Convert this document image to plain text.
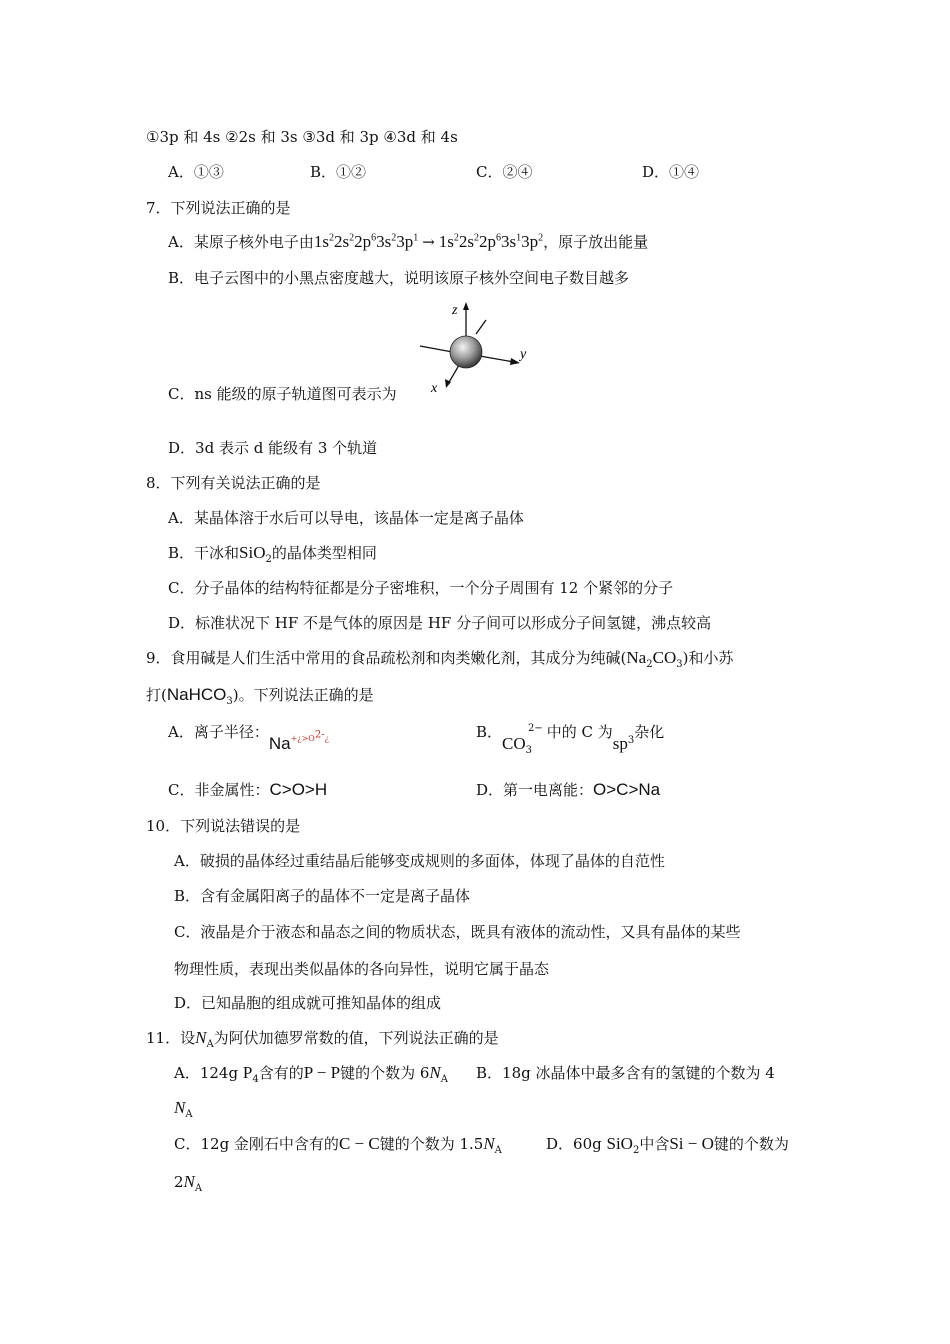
①3p 和 4s ②2s 和 3s ③3d 和 3p ④3d 和 4s
A．①③	B．①②	C．②④	D．①④
7．下列说法正确的是
A．某原子核外电子由$1s^22s^22p^63s^23p^1 \to 1s^22s^22p^63s^13p^2$，原子放出能量
B．电子云图中的小黑点密度越大，说明该原子核外空间电子数目越多
z
y
x
C．ns 能级的原子轨道图可表示为
D．3d 表示 d 能级有 3 个轨道
8．下列有关说法正确的是
A．某晶体溶于水后可以导电，该晶体一定是离子晶体
B．干冰和SiO$_2$的晶体类型相同
C．分子晶体的结构特征都是分子密堆积，一个分子周围有 12 个紧邻的分子
D．标准状况下 HF 不是气体的原因是 HF 分子间可以形成分子间氢键，沸点较高
9．食用碱是人们生活中常用的食品疏松剂和肉类嫩化剂，其成分为纯碱$(Na_2CO_3)$和小苏
打(NaHCO$_3$)。下列说法正确的是
A．离子半径：$Na_{+¿>O^{2-}¿}$	B．$CO_3^{2-}$ 中的 C 为$sp^3$杂化
C．非金属性：C>O>H	D．第一电离能：O>C>Na
10．下列说法错误的是
A．破损的晶体经过重结晶后能够变成规则的多面体，体现了晶体的自范性
B．含有金属阳离子的晶体不一定是离子晶体
C．液晶是介于液态和晶态之间的物质状态，既具有液体的流动性，又具有晶体的某些
物理性质，表现出类似晶体的各向异性，说明它属于晶态
D．已知晶胞的组成就可推知晶体的组成
11．设$N_A$为阿伏加德罗常数的值，下列说法正确的是
A．124g $P_4$含有的P − P键的个数为 $6N_A$ B．18g 冰晶体中最多含有的氢键的个数为 4
$N_A$
C．12g 金刚石中含有的C − C键的个数为 $1.5N_A$	D．60g SiO$_2$中含Si − O键的个数为
$2N_A$
